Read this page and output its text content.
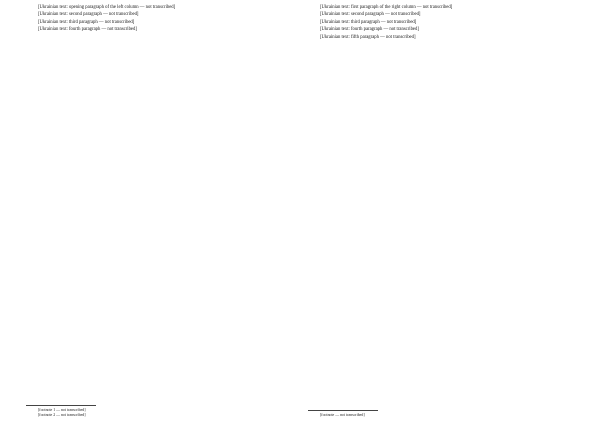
[Ukrainian text: opening paragraph of the left column — not transcribed]

[Ukrainian text: second paragraph — not transcribed]

[Ukrainian text: third paragraph — not transcribed]

[Ukrainian text: fourth paragraph — not transcribed]

[footnote 1 — not transcribed]

[footnote 2 — not transcribed]

[Ukrainian text: first paragraph of the right column — not transcribed]

[Ukrainian text: second paragraph — not transcribed]

[Ukrainian text: third paragraph — not transcribed]

[Ukrainian text: fourth paragraph — not transcribed]

[Ukrainian text: fifth paragraph — not transcribed]

[footnote — not transcribed]
